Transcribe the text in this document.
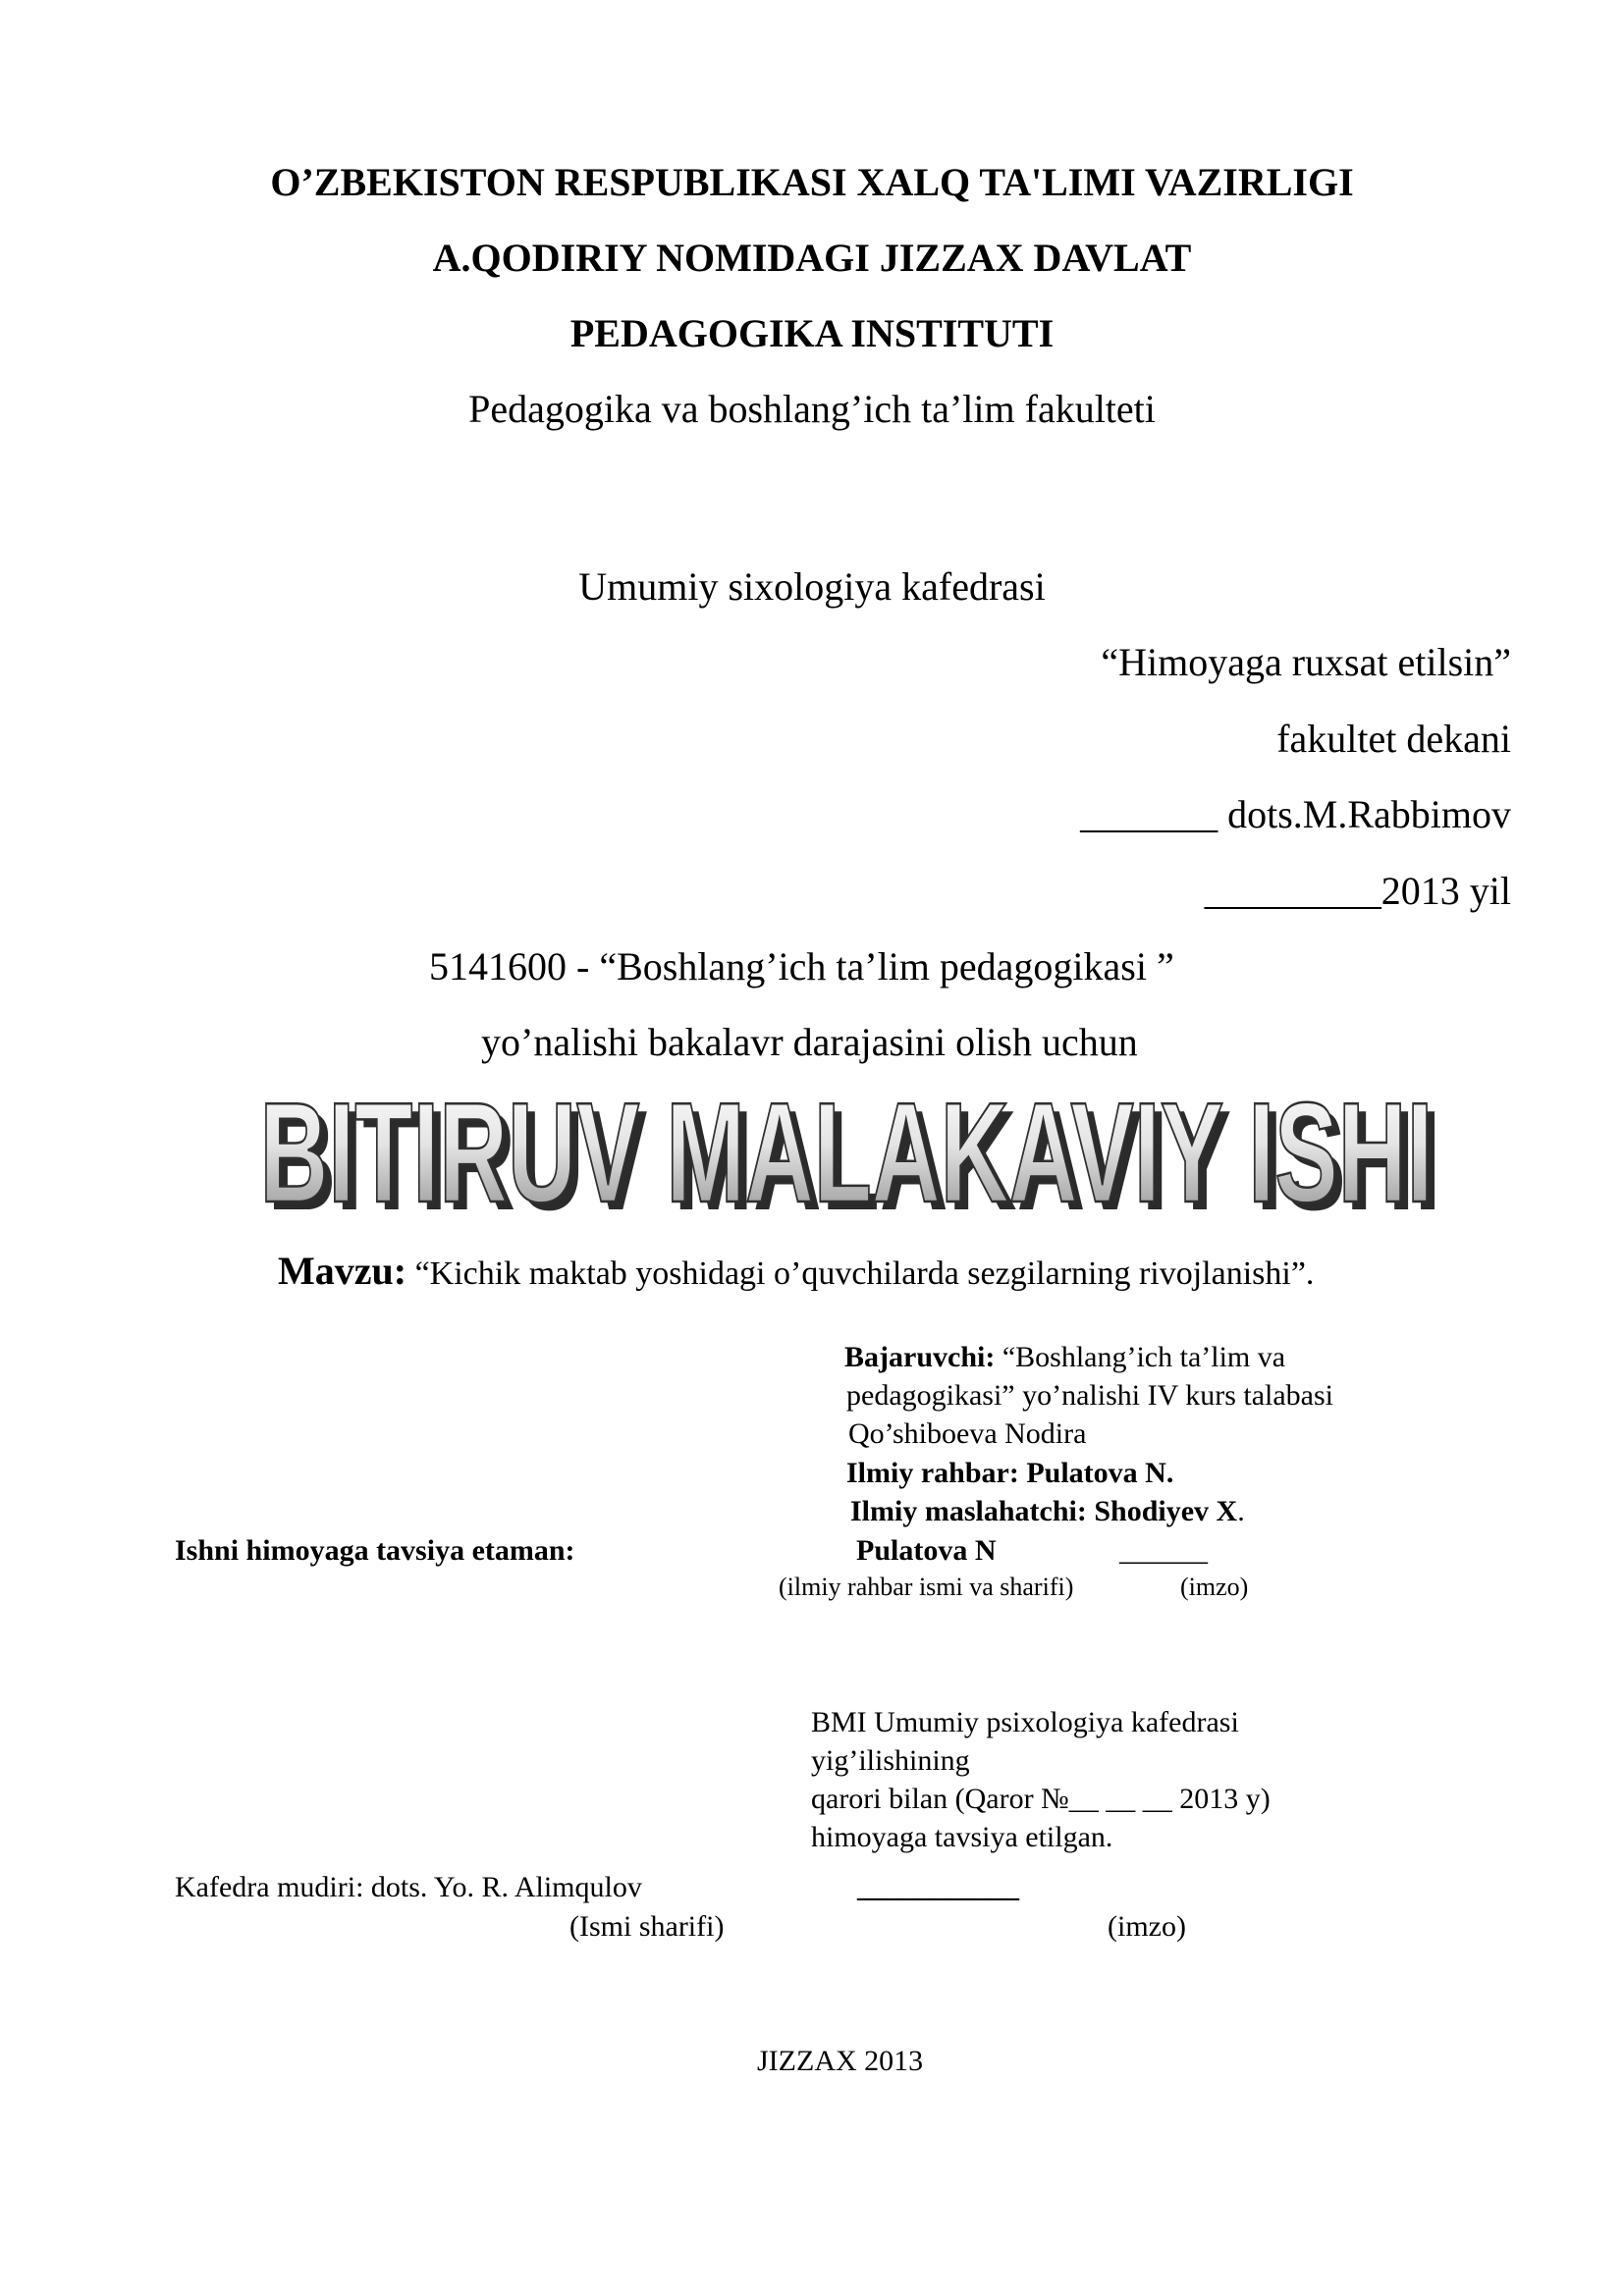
O’ZBEKISTON RESPUBLIKASI XALQ TA'LIMI VAZIRLIGI
A.QODIRIY NOMIDAGI JIZZAX DAVLAT
PEDAGOGIKA INSTITUTI
Pedagogika va boshlang’ich ta’lim fakulteti
Umumiy sixologiya kafedrasi
“Himoyaga ruxsat etilsin”
fakultet dekani
_______ dots.M.Rabbimov
_________2013 yil
5141600 - “Boshlang’ich ta’lim pedagogikasi ”
yo’nalishi bakalavr darajasini olish uchun
BITIRUV MALAKAVIY ISHI
BITIRUV MALAKAVIY ISHI
Mavzu: “Kichik maktab yoshidagi o’quvchilarda sezgilarning rivojlanishi”.
Bajaruvchi: “Boshlang’ich ta’lim va
pedagogikasi” yo’nalishi IV kurs talabasi
Qo’shiboeva Nodira
Ilmiy rahbar: Pulatova N.
Ilmiy maslahatchi: Shodiyev X.
Ishni himoyaga tavsiya etaman:	Pulatova N	______
(ilmiy rahbar ismi va sharifi)	(imzo)
BMI Umumiy psixologiya kafedrasi
yig’ilishining
qarori bilan (Qaror №__ __ __ 2013 y)
himoyaga tavsiya etilgan.
Kafedra mudiri: dots. Yo. R. Alimqulov	___________
(Ismi sharifi)	(imzo)
JIZZAX 2013
